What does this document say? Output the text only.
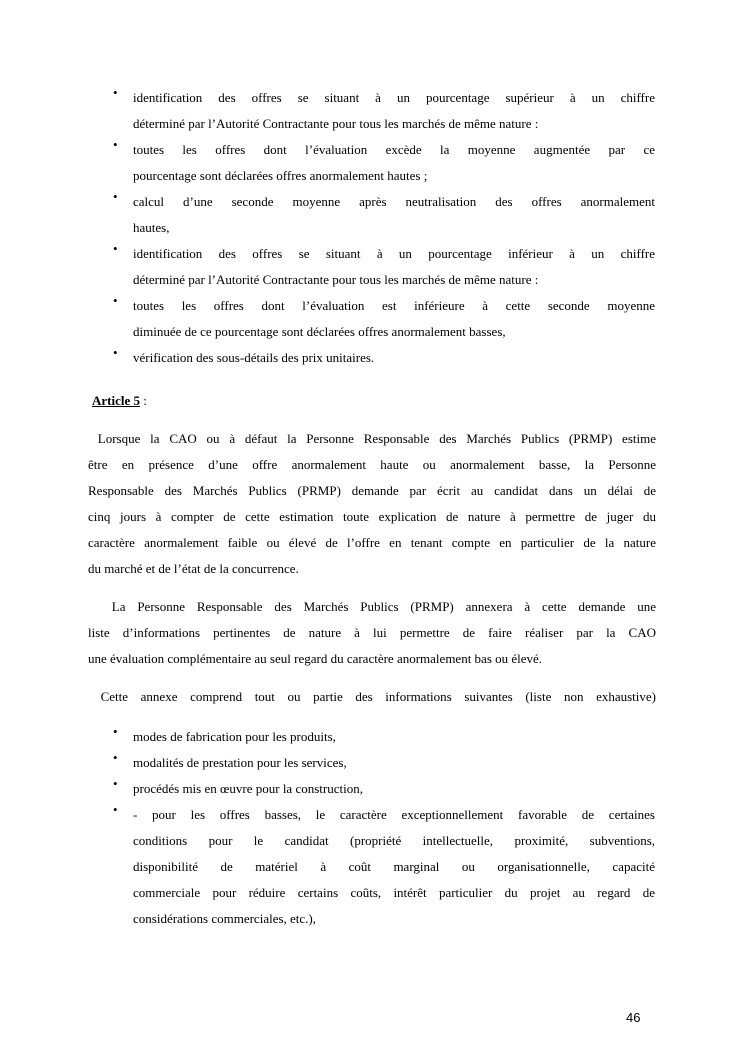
• identification des offres se situant à un pourcentage supérieur à un chiffre
déterminé par l’Autorité Contractante pour tous les marchés de même nature :
• toutes les offres dont l’évaluation excède la moyenne augmentée par ce
pourcentage sont déclarées offres anormalement hautes ;
• calcul d’une seconde moyenne après neutralisation des offres anormalement
hautes,
• identification des offres se situant à un pourcentage inférieur à un chiffre
déterminé par l’Autorité Contractante pour tous les marchés de même nature :
• toutes les offres dont l’évaluation est inférieure à cette seconde moyenne
diminuée de ce pourcentage sont déclarées offres anormalement basses,
• vérification des sous-détails des prix unitaires.
Article 5 :
Lorsque la CAO ou à défaut la Personne Responsable des Marchés Publics (PRMP) estime
être en présence d’une offre anormalement haute ou anormalement basse, la Personne
Responsable des Marchés Publics (PRMP) demande par écrit au candidat dans un délai de
cinq jours à compter de cette estimation toute explication de nature à permettre de juger du
caractère anormalement faible ou élevé de l’offre en tenant compte en particulier de la nature
du marché et de l’état de la concurrence.
La Personne Responsable des Marchés Publics (PRMP) annexera à cette demande une
liste d’informations pertinentes de nature à lui permettre de faire réaliser par la CAO
une évaluation complémentaire au seul regard du caractère anormalement bas ou élevé.
Cette annexe comprend tout ou partie des informations suivantes (liste non exhaustive)
• modes de fabrication pour les produits,
• modalités de prestation pour les services,
• procédés mis en œuvre pour la construction,
• - pour les offres basses, le caractère exceptionnellement favorable de certaines
conditions pour le candidat (propriété intellectuelle, proximité, subventions,
disponibilité de matériel à coût marginal ou organisationnelle, capacité
commerciale pour réduire certains coûts, intérêt particulier du projet au regard de
considérations commerciales, etc.),
46
